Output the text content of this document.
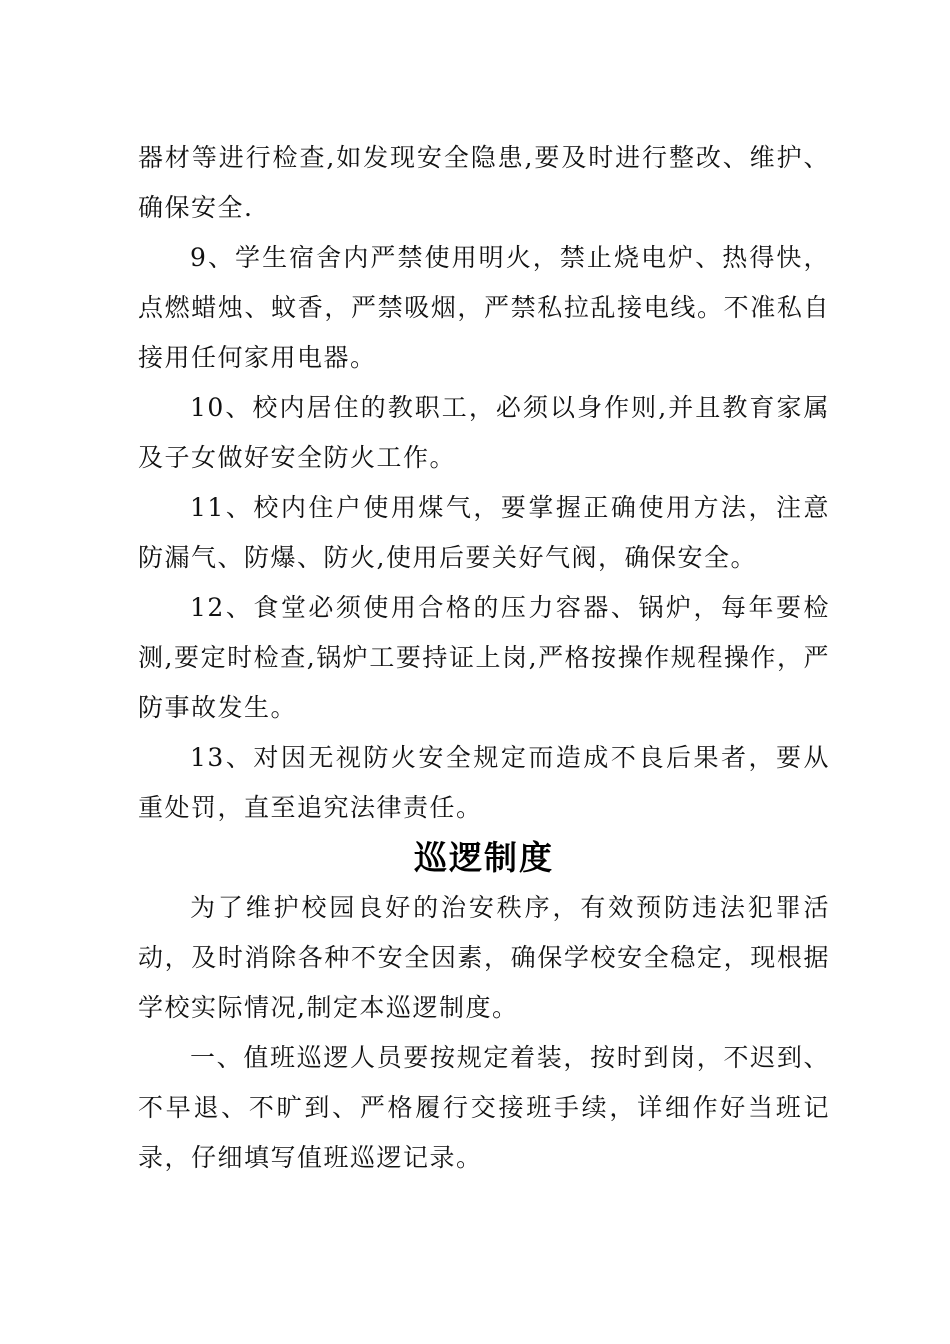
器材等进行检查,如发现安全隐患,要及时进行整改、维护、确保安全.

9、学生宿舍内严禁使用明火，禁止烧电炉、热得快，点燃蜡烛、蚊香，严禁吸烟，严禁私拉乱接电线。不准私自接用任何家用电器。

10、校内居住的教职工，必须以身作则,并且教育家属及子女做好安全防火工作。

11、校内住户使用煤气，要掌握正确使用方法，注意防漏气、防爆、防火,使用后要关好气阀，确保安全。

12、食堂必须使用合格的压力容器、锅炉，每年要检测,要定时检查,锅炉工要持证上岗,严格按操作规程操作，严防事故发生。

13、对因无视防火安全规定而造成不良后果者，要从重处罚，直至追究法律责任。

巡逻制度

为了维护校园良好的治安秩序，有效预防违法犯罪活动，及时消除各种不安全因素，确保学校安全稳定，现根据学校实际情况,制定本巡逻制度。

一、值班巡逻人员要按规定着装，按时到岗，不迟到、不早退、不旷到、严格履行交接班手续，详细作好当班记录，仔细填写值班巡逻记录。
